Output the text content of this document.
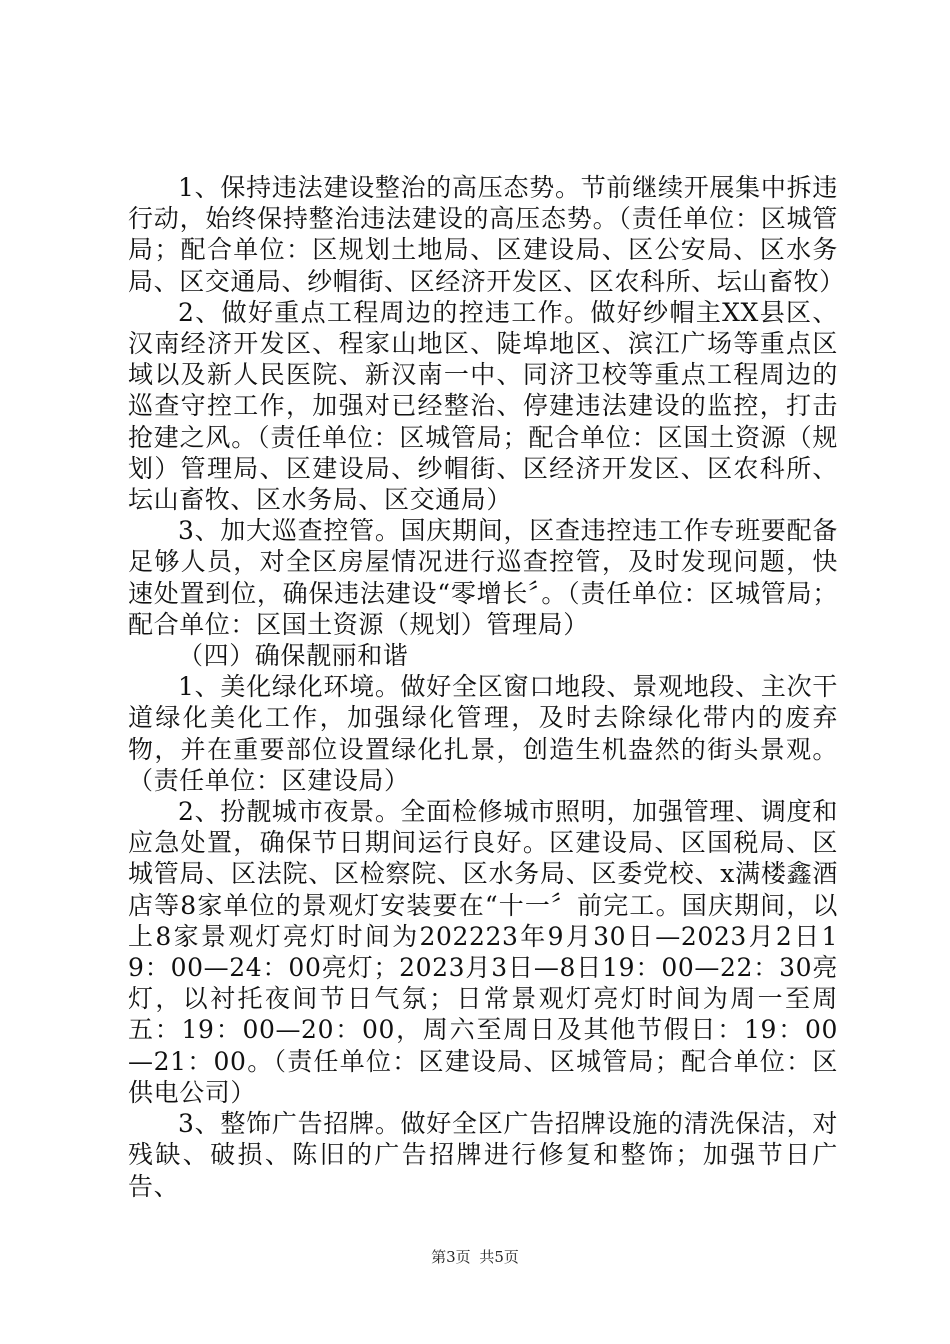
1、保持违法建设整治的高压态势。节前继续开展集中拆违行动，始终保持整治违法建设的高压态势。（责任单位：区城管局；配合单位：区规划土地局、区建设局、区公安局、区水务局、区交通局、纱帽街、区经济开发区、区农科所、坛山畜牧）

2、做好重点工程周边的控违工作。做好纱帽主XX县区、汉南经济开发区、程家山地区、陡埠地区、滨江广场等重点区域以及新人民医院、新汉南一中、同济卫校等重点工程周边的巡查守控工作，加强对已经整治、停建违法建设的监控，打击抢建之风。（责任单位：区城管局；配合单位：区国土资源（规划）管理局、区建设局、纱帽街、区经济开发区、区农科所、坛山畜牧、区水务局、区交通局）

3、加大巡查控管。国庆期间，区查违控违工作专班要配备足够人员，对全区房屋情况进行巡查控管，及时发现问题，快速处置到位，确保违法建设“零增长〞。（责任单位：区城管局；配合单位：区国土资源（规划）管理局）

（四）确保靓丽和谐

1、美化绿化环境。做好全区窗口地段、景观地段、主次干道绿化美化工作，加强绿化管理，及时去除绿化带内的废弃物，并在重要部位设置绿化扎景，创造生机盎然的街头景观。（责任单位：区建设局）

2、扮靓城市夜景。全面检修城市照明，加强管理、调度和应急处置，确保节日期间运行良好。区建设局、区国税局、区城管局、区法院、区检察院、区水务局、区委党校、x满楼鑫酒店等8家单位的景观灯安装要在“十一〞前完工。国庆期间，以上8家景观灯亮灯时间为202223年9月30日—2023月2日19：00—24：00亮灯；2023月3日—8日19：00—22：30亮灯，以衬托夜间节日气氛；日常景观灯亮灯时间为周一至周五：19：00—20：00，周六至周日及其他节假日：19：00—21：00。（责任单位：区建设局、区城管局；配合单位：区供电公司）

3、整饰广告招牌。做好全区广告招牌设施的清洗保洁，对残缺、破损、陈旧的广告招牌进行修复和整饰；加强节日广告、

第3页 共5页
